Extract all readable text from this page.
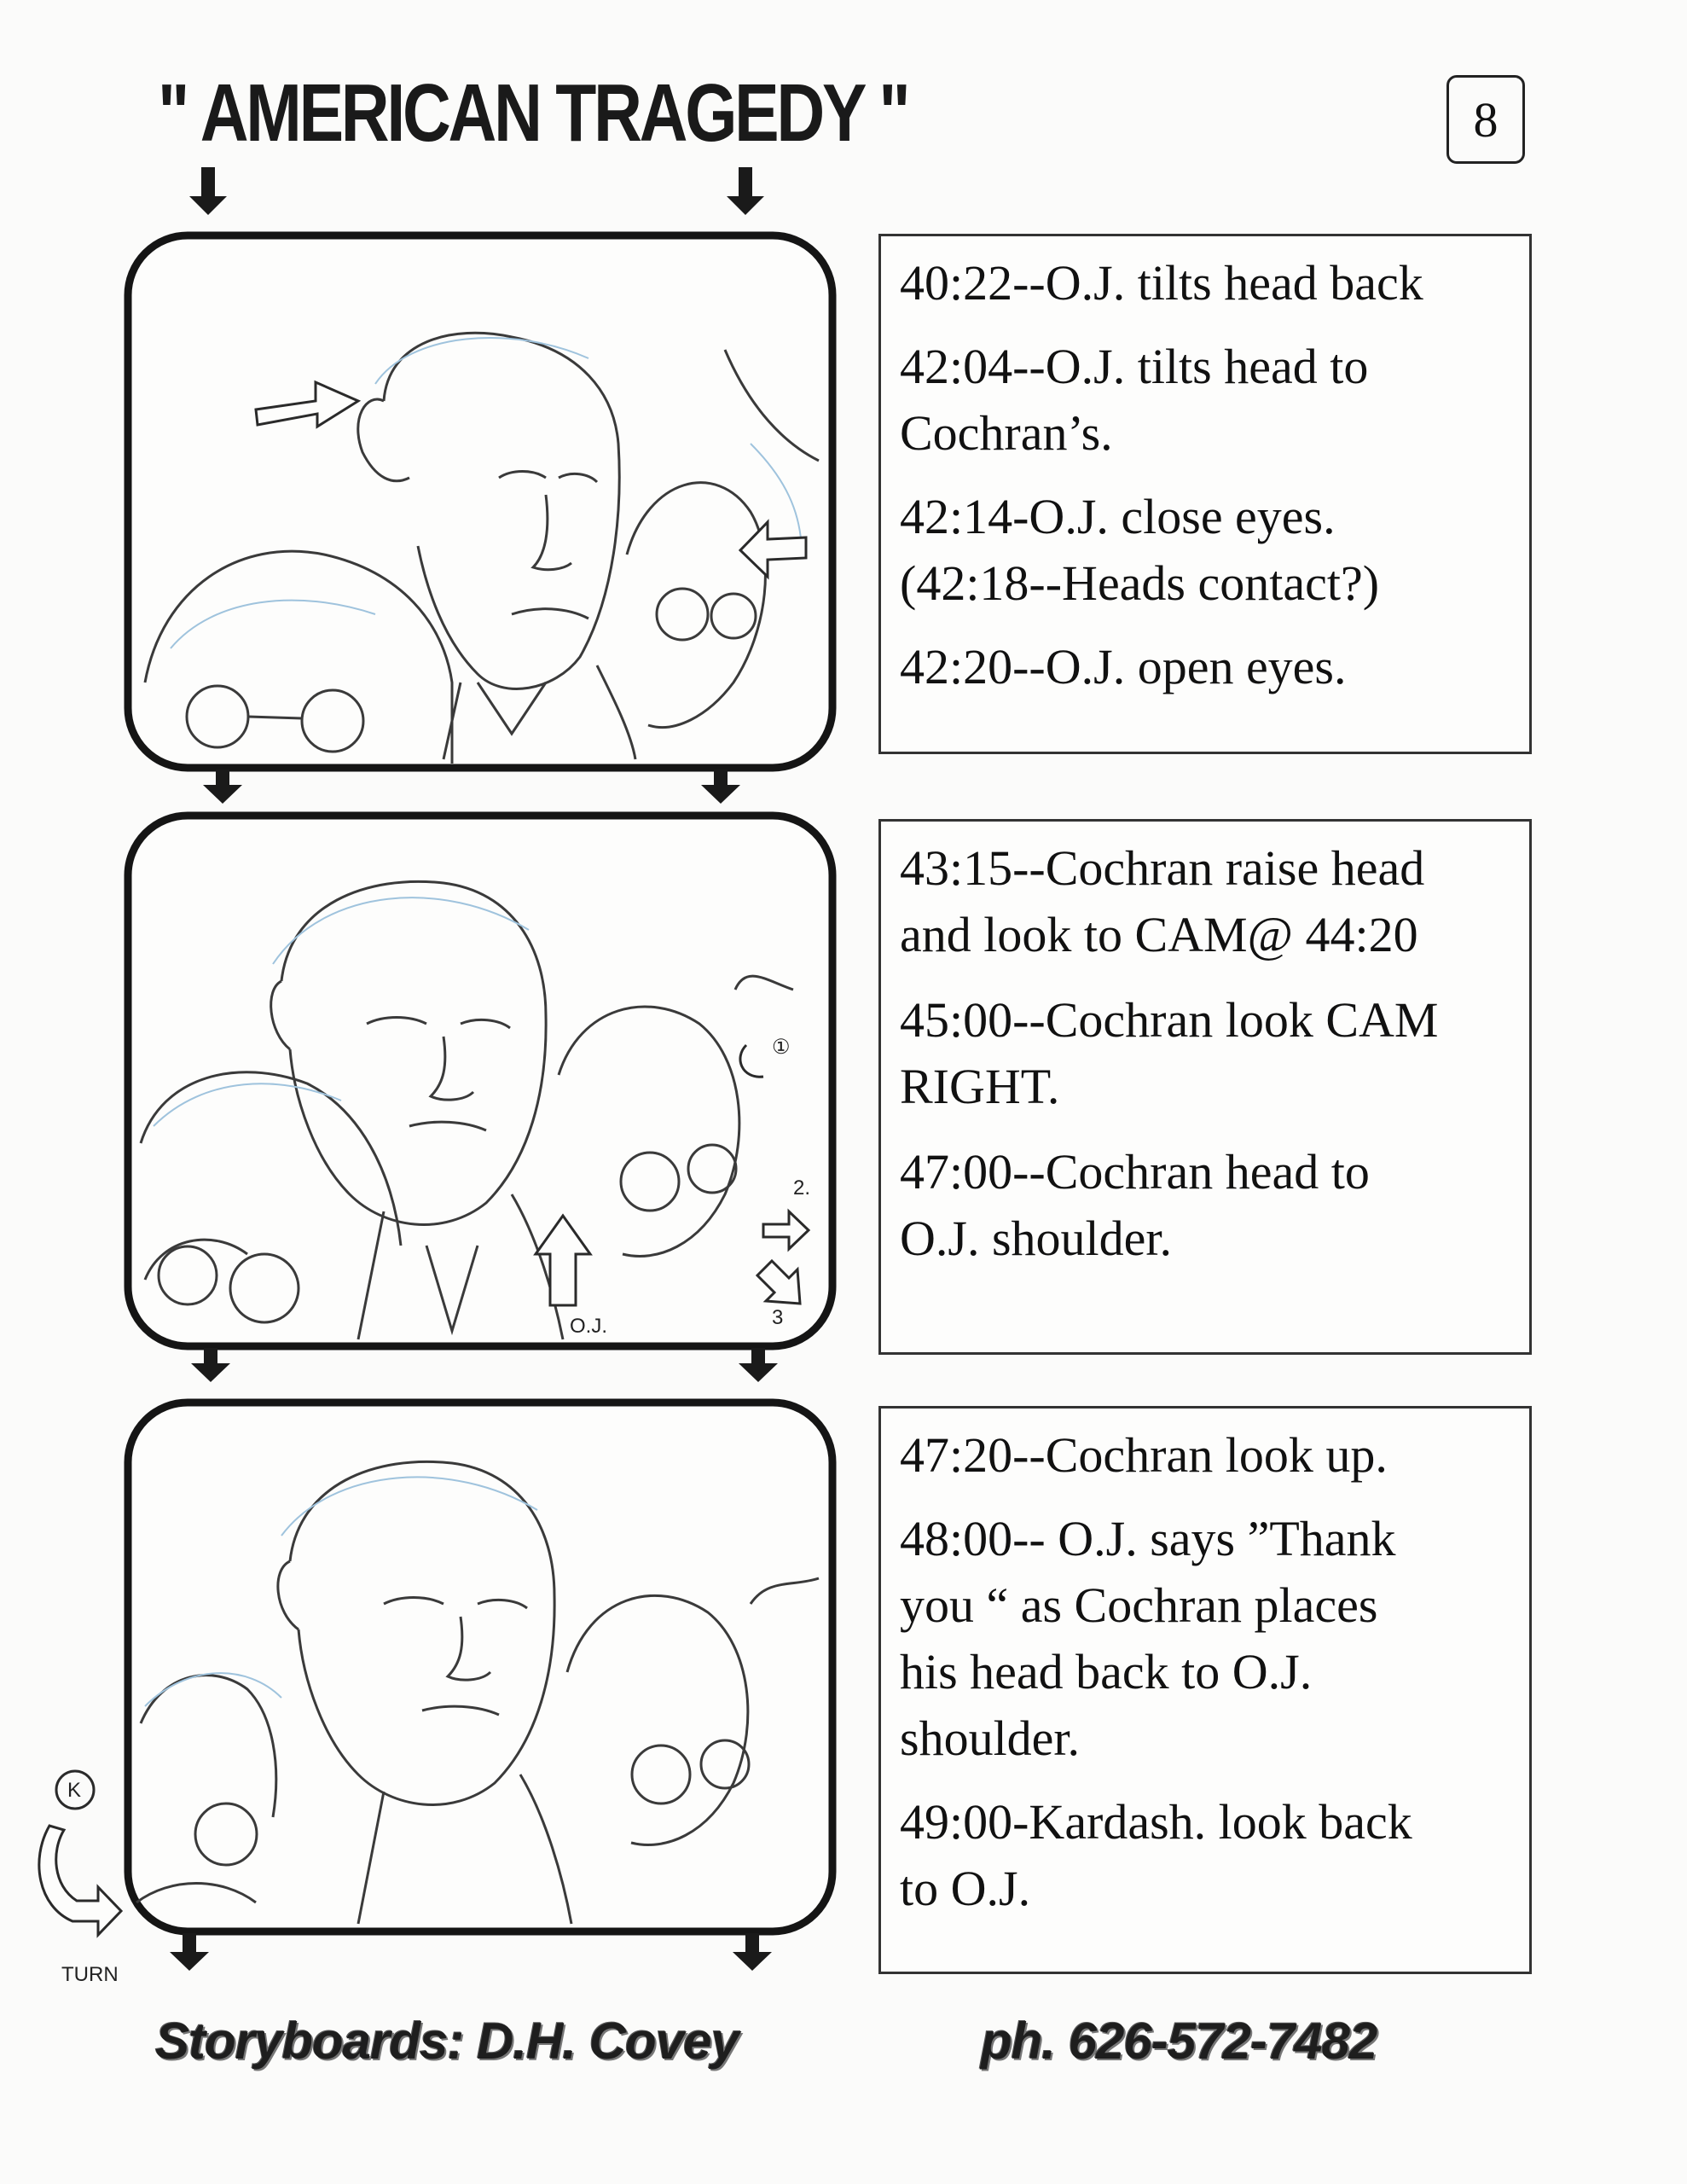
" AMERICAN TRAGEDY "	8
O.J.
①
2.
3
K
TURN

40:22--O.J. tilts head back

42:04--O.J. tilts head to
Cochran’s.

42:14-O.J. close eyes.
(42:18--Heads contact?)

42:20--O.J. open eyes.

43:15--Cochran raise head
and look to CAM@ 44:20

45:00--Cochran look CAM
RIGHT.

47:00--Cochran head to
O.J. shoulder.

47:20--Cochran look up.

48:00-- O.J. says ”Thank
you “ as Cochran places
his head back to O.J.
shoulder.

49:00-Kardash. look back
to O.J.

Storyboards: D.H. Covey	ph. 626-572-7482
